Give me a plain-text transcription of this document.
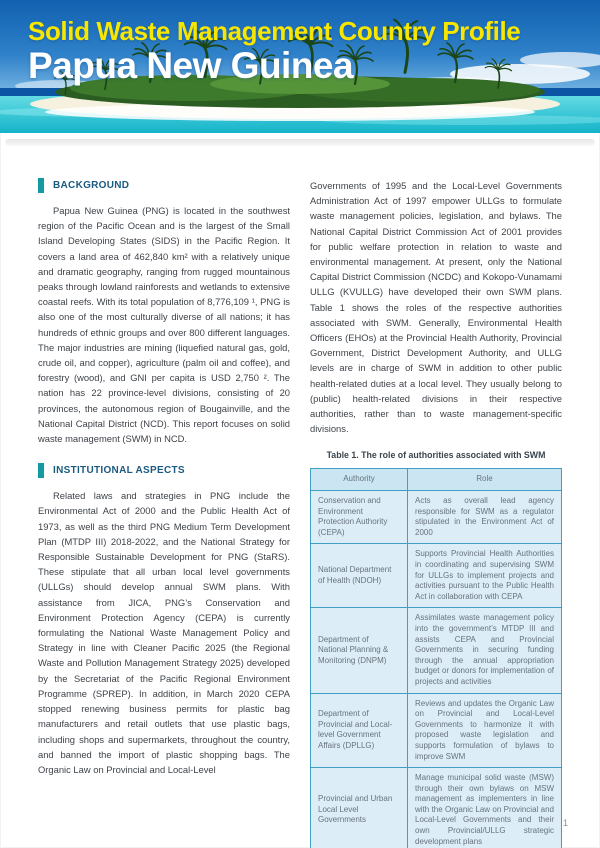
Solid Waste Management Country Profile
Papua New Guinea
BACKGROUND

Papua New Guinea (PNG) is located in the southwest region of the Pacific Ocean and is the largest of the Small Island Developing States (SIDS) in the Pacific Region. It covers a land area of 462,840 km² with a relatively unique and dramatic geography, ranging from rugged mountainous peaks through lowland rainforests and wetlands to extensive coastal reefs. With its total population of 8,776,109 ¹, PNG is also one of the most culturally diverse of all nations; it has hundreds of ethnic groups and over 800 different languages. The major industries are mining (liquefied natural gas, gold, crude oil, and copper), agriculture (palm oil and coffee), and forestry (wood), and GNI per capita is USD 2,750 ². The nation has 22 province-level divisions, consisting of 20 provinces, the autonomous region of Bougainville, and the National Capital District (NCD). This report focuses on solid waste management (SWM) in NCD.

INSTITUTIONAL ASPECTS

Related laws and strategies in PNG include the Environmental Act of 2000 and the Public Health Act of 1973, as well as the third PNG Medium Term Development Plan (MTDP III) 2018-2022, and the National Strategy for Responsible Sustainable Development for PNG (StaRS). These stipulate that all urban local level governments (ULLGs) should develop annual SWM plans. With assistance from JICA, PNG’s Conservation and Environment Protection Agency (CEPA) is currently formulating the National Waste Management Policy and Strategy in line with Cleaner Pacific 2025 (the Regional Waste and Pollution Management Strategy 2025) developed by the Secretariat of the Pacific Regional Environment Programme (SPREP). In addition, in March 2020 CEPA stopped renewing business permits for plastic bag manufacturers and retail outlets that use plastic bags, including shops and supermarkets, throughout the country, and banned the import of plastic shopping bags. The Organic Law on Provincial and Local-Level

Governments of 1995 and the Local-Level Governments Administration Act of 1997 empower ULLGs to formulate waste management policies, legislation, and bylaws. The National Capital District Commission Act of 2001 provides for public welfare protection in relation to waste and environmental management. At present, only the National Capital District Commission (NCDC) and Kokopo-Vunamami ULLG (KVULLG) have developed their own SWM plans. Table 1 shows the roles of the respective authorities associated with SWM. Generally, Environmental Health Officers (EHOs) at the Provincial Health Authority, Provincial Government, District Development Authority, and ULLG levels are in charge of SWM in addition to other public health-related duties at a local level. They usually belong to (public) health-related divisions in their respective authorities, rather than to waste management-specific divisions.

Table 1. The role of authorities associated with SWM
Authority	Role
Conservation and Environment Protection Authority (CEPA)	Acts as overall lead agency responsible for SWM as a regulator stipulated in the Environment Act of 2000
National Department of Health (NDOH)	Supports Provincial Health Authorities in coordinating and supervising SWM for ULLGs to implement projects and activities pursuant to the Public Health Act in collaboration with CEPA
Department of National Planning & Monitoring (DNPM)	Assimilates waste management policy into the government’s MTDP III and assists CEPA and Provincial Governments in securing funding through the annual appropriation budget or donors for implementation of projects and activities
Department of Provincial and Local-level Government Affairs (DPLLG)	Reviews and updates the Organic Law on Provincial and Local-Level Governments to harmonize it with proposed waste legislation and supports formulation of bylaws to improve SWM
Provincial and Urban Local Level Governments	Manage municipal solid waste (MSW) through their own bylaws on MSW management as implementers in line with the Organic Law on Provincial and Local-Level Governments and their own Provincial/ULLG strategic development plans
1
